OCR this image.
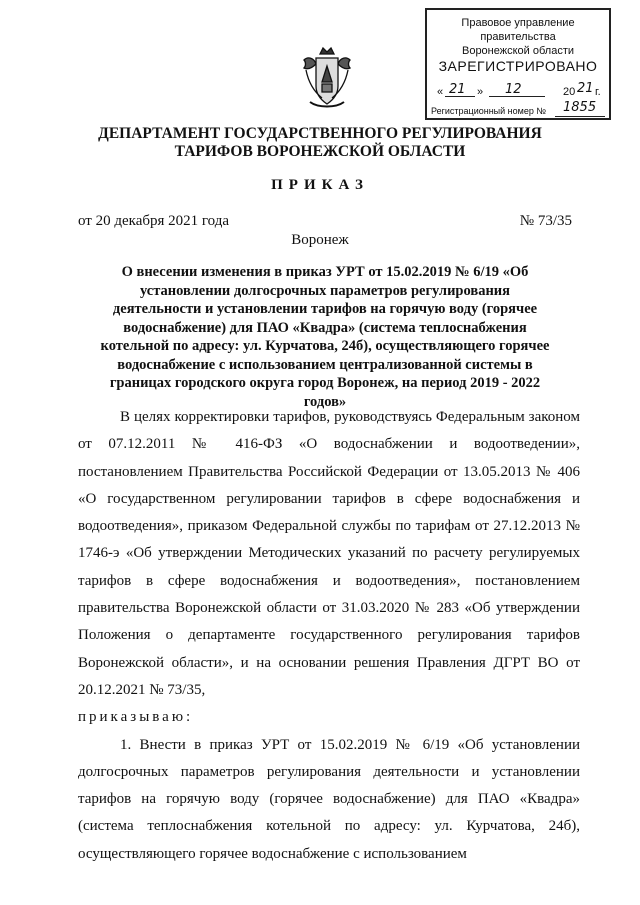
Правовое управление правительства
Воронежской области
ЗАРЕГИСТРИРОВАНО
« 21 » 12	20 21 г.
Регистрационный номер № 1855
ДЕПАРТАМЕНТ ГОСУДАРСТВЕННОГО РЕГУЛИРОВАНИЯ
ТАРИФОВ ВОРОНЕЖСКОЙ ОБЛАСТИ
ПРИКАЗ
от 20 декабря 2021 года	№ 73/35
Воронеж
О внесении изменения в приказ УРТ от 15.02.2019 № 6/19 «Об установлении долгосрочных параметров регулирования деятельности и установлении тарифов на горячую воду (горячее водоснабжение) для ПАО «Квадра» (система теплоснабжения котельной по адресу: ул. Курчатова, 24б), осуществляющего горячее водоснабжение с использованием централизованной системы в границах городского округа город Воронеж, на период 2019 - 2022 годов»

В целях корректировки тарифов, руководствуясь Федеральным законом от 07.12.2011 № 416-ФЗ «О водоснабжении и водоотведении», постановлением Правительства Российской Федерации от 13.05.2013 № 406 «О государственном регулировании тарифов в сфере водоснабжения и водоотведения», приказом Федеральной службы по тарифам от 27.12.2013 № 1746-э «Об утверждении Методических указаний по расчету регулируемых тарифов в сфере водоснабжения и водоотведения», постановлением правительства Воронежской области от 31.03.2020 № 283 «Об утверждении Положения о департаменте государственного регулирования тарифов Воронежской области», и на основании решения Правления ДГРТ ВО от 20.12.2021 № 73/35,

приказываю:

1. Внести в приказ УРТ от 15.02.2019 № 6/19 «Об установлении долгосрочных параметров регулирования деятельности и установлении тарифов на горячую воду (горячее водоснабжение) для ПАО «Квадра» (система теплоснабжения котельной по адресу: ул. Курчатова, 24б), осуществляющего горячее водоснабжение с использованием
